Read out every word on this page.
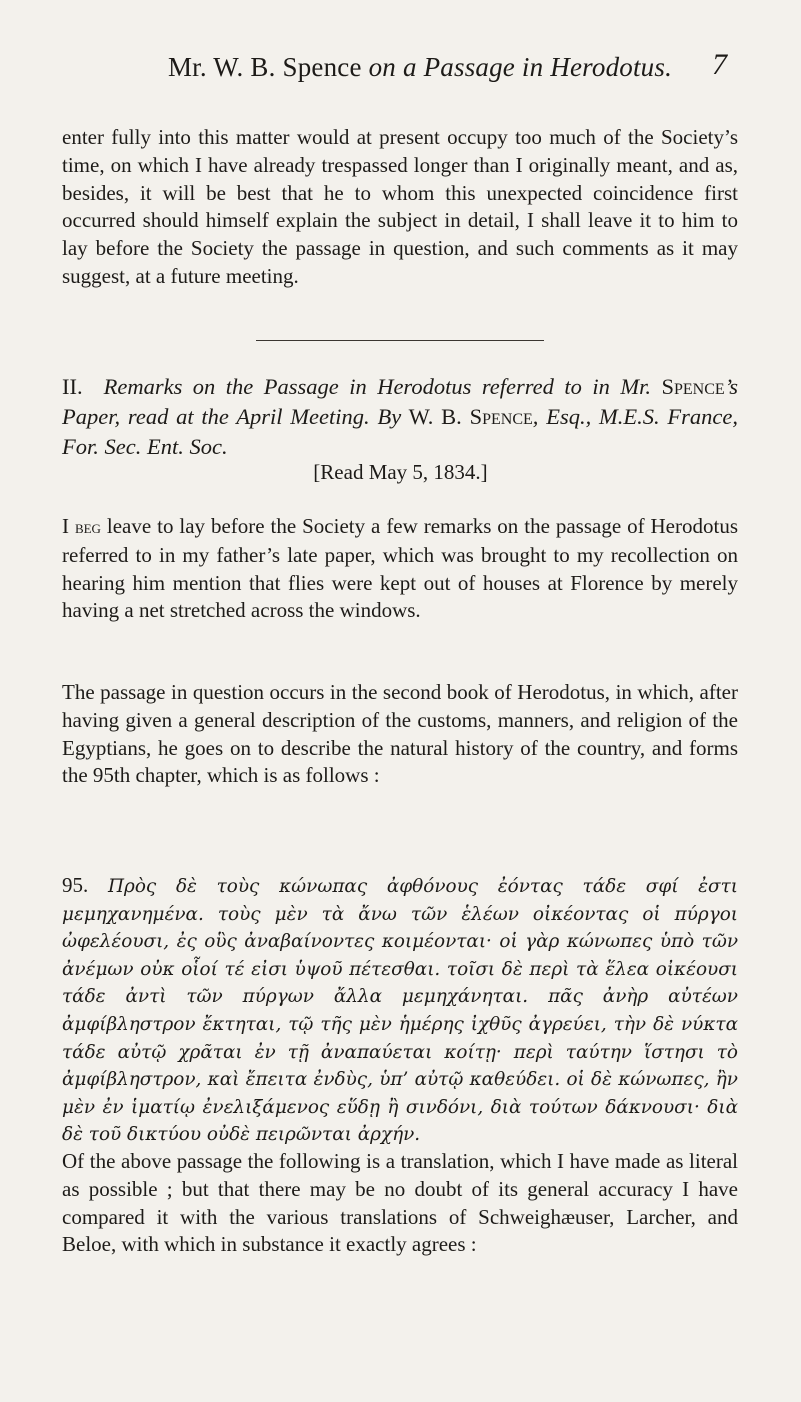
Mr. W. B. Spence on a Passage in Herodotus.	7

enter fully into this matter would at present occupy too much of the Society’s time, on which I have already trespassed longer than I originally meant, and as, besides, it will be best that he to whom this unexpected coincidence first occurred should himself explain the subject in detail, I shall leave it to him to lay before the Society the passage in question, and such comments as it may suggest, at a future meeting.

II. Remarks on the Passage in Herodotus referred to in Mr. Spence’s Paper, read at the April Meeting. By W. B. Spence, Esq., M.E.S. France, For. Sec. Ent. Soc.

[Read May 5, 1834.]

I beg leave to lay before the Society a few remarks on the passage of Herodotus referred to in my father’s late paper, which was brought to my recollection on hearing him mention that flies were kept out of houses at Florence by merely having a net stretched across the windows.

The passage in question occurs in the second book of Herodotus, in which, after having given a general description of the customs, manners, and religion of the Egyptians, he goes on to describe the natural history of the country, and forms the 95th chapter, which is as follows :

95. Πρὸς δὲ τοὺς κώνωπας ἀφθόνους ἐόντας τάδε σφί ἐστι μεμηχανημένα. τοὺς μὲν τὰ ἄνω τῶν ἑλέων οἰκέοντας οἱ πύργοι ὠφελέουσι, ἐς οὓς ἀναβαίνοντες κοιμέονται· οἱ γὰρ κώνωπες ὑπὸ τῶν ἀνέμων οὐκ οἷοί τέ εἰσι ὑψοῦ πέτεσθαι. τοῖσι δὲ περὶ τὰ ἕλεα οἰκέουσι τάδε ἀντὶ τῶν πύργων ἄλλα μεμηχάνηται. πᾶς ἀνὴρ αὐτέων ἀμφίβληστρον ἔκτηται, τῷ τῆς μὲν ἡμέρης ἰχθῦς ἀγρεύει, τὴν δὲ νύκτα τάδε αὐτῷ χρᾶται ἐν τῇ ἀναπαύεται κοίτῃ· περὶ ταύτην ἵστησι τὸ ἀμφίβληστρον, καὶ ἔπειτα ἐνδὺς, ὑπ’ αὐτῷ καθεύδει. οἱ δὲ κώνωπες, ἢν μὲν ἐν ἱματίῳ ἐνελιξάμενος εὕδῃ ἢ σινδόνι, διὰ τούτων δάκνουσι· διὰ δὲ τοῦ δικτύου οὐδὲ πειρῶνται ἀρχήν.

Of the above passage the following is a translation, which I have made as literal as possible ; but that there may be no doubt of its general accuracy I have compared it with the various translations of Schweighæuser, Larcher, and Beloe, with which in substance it exactly agrees :
